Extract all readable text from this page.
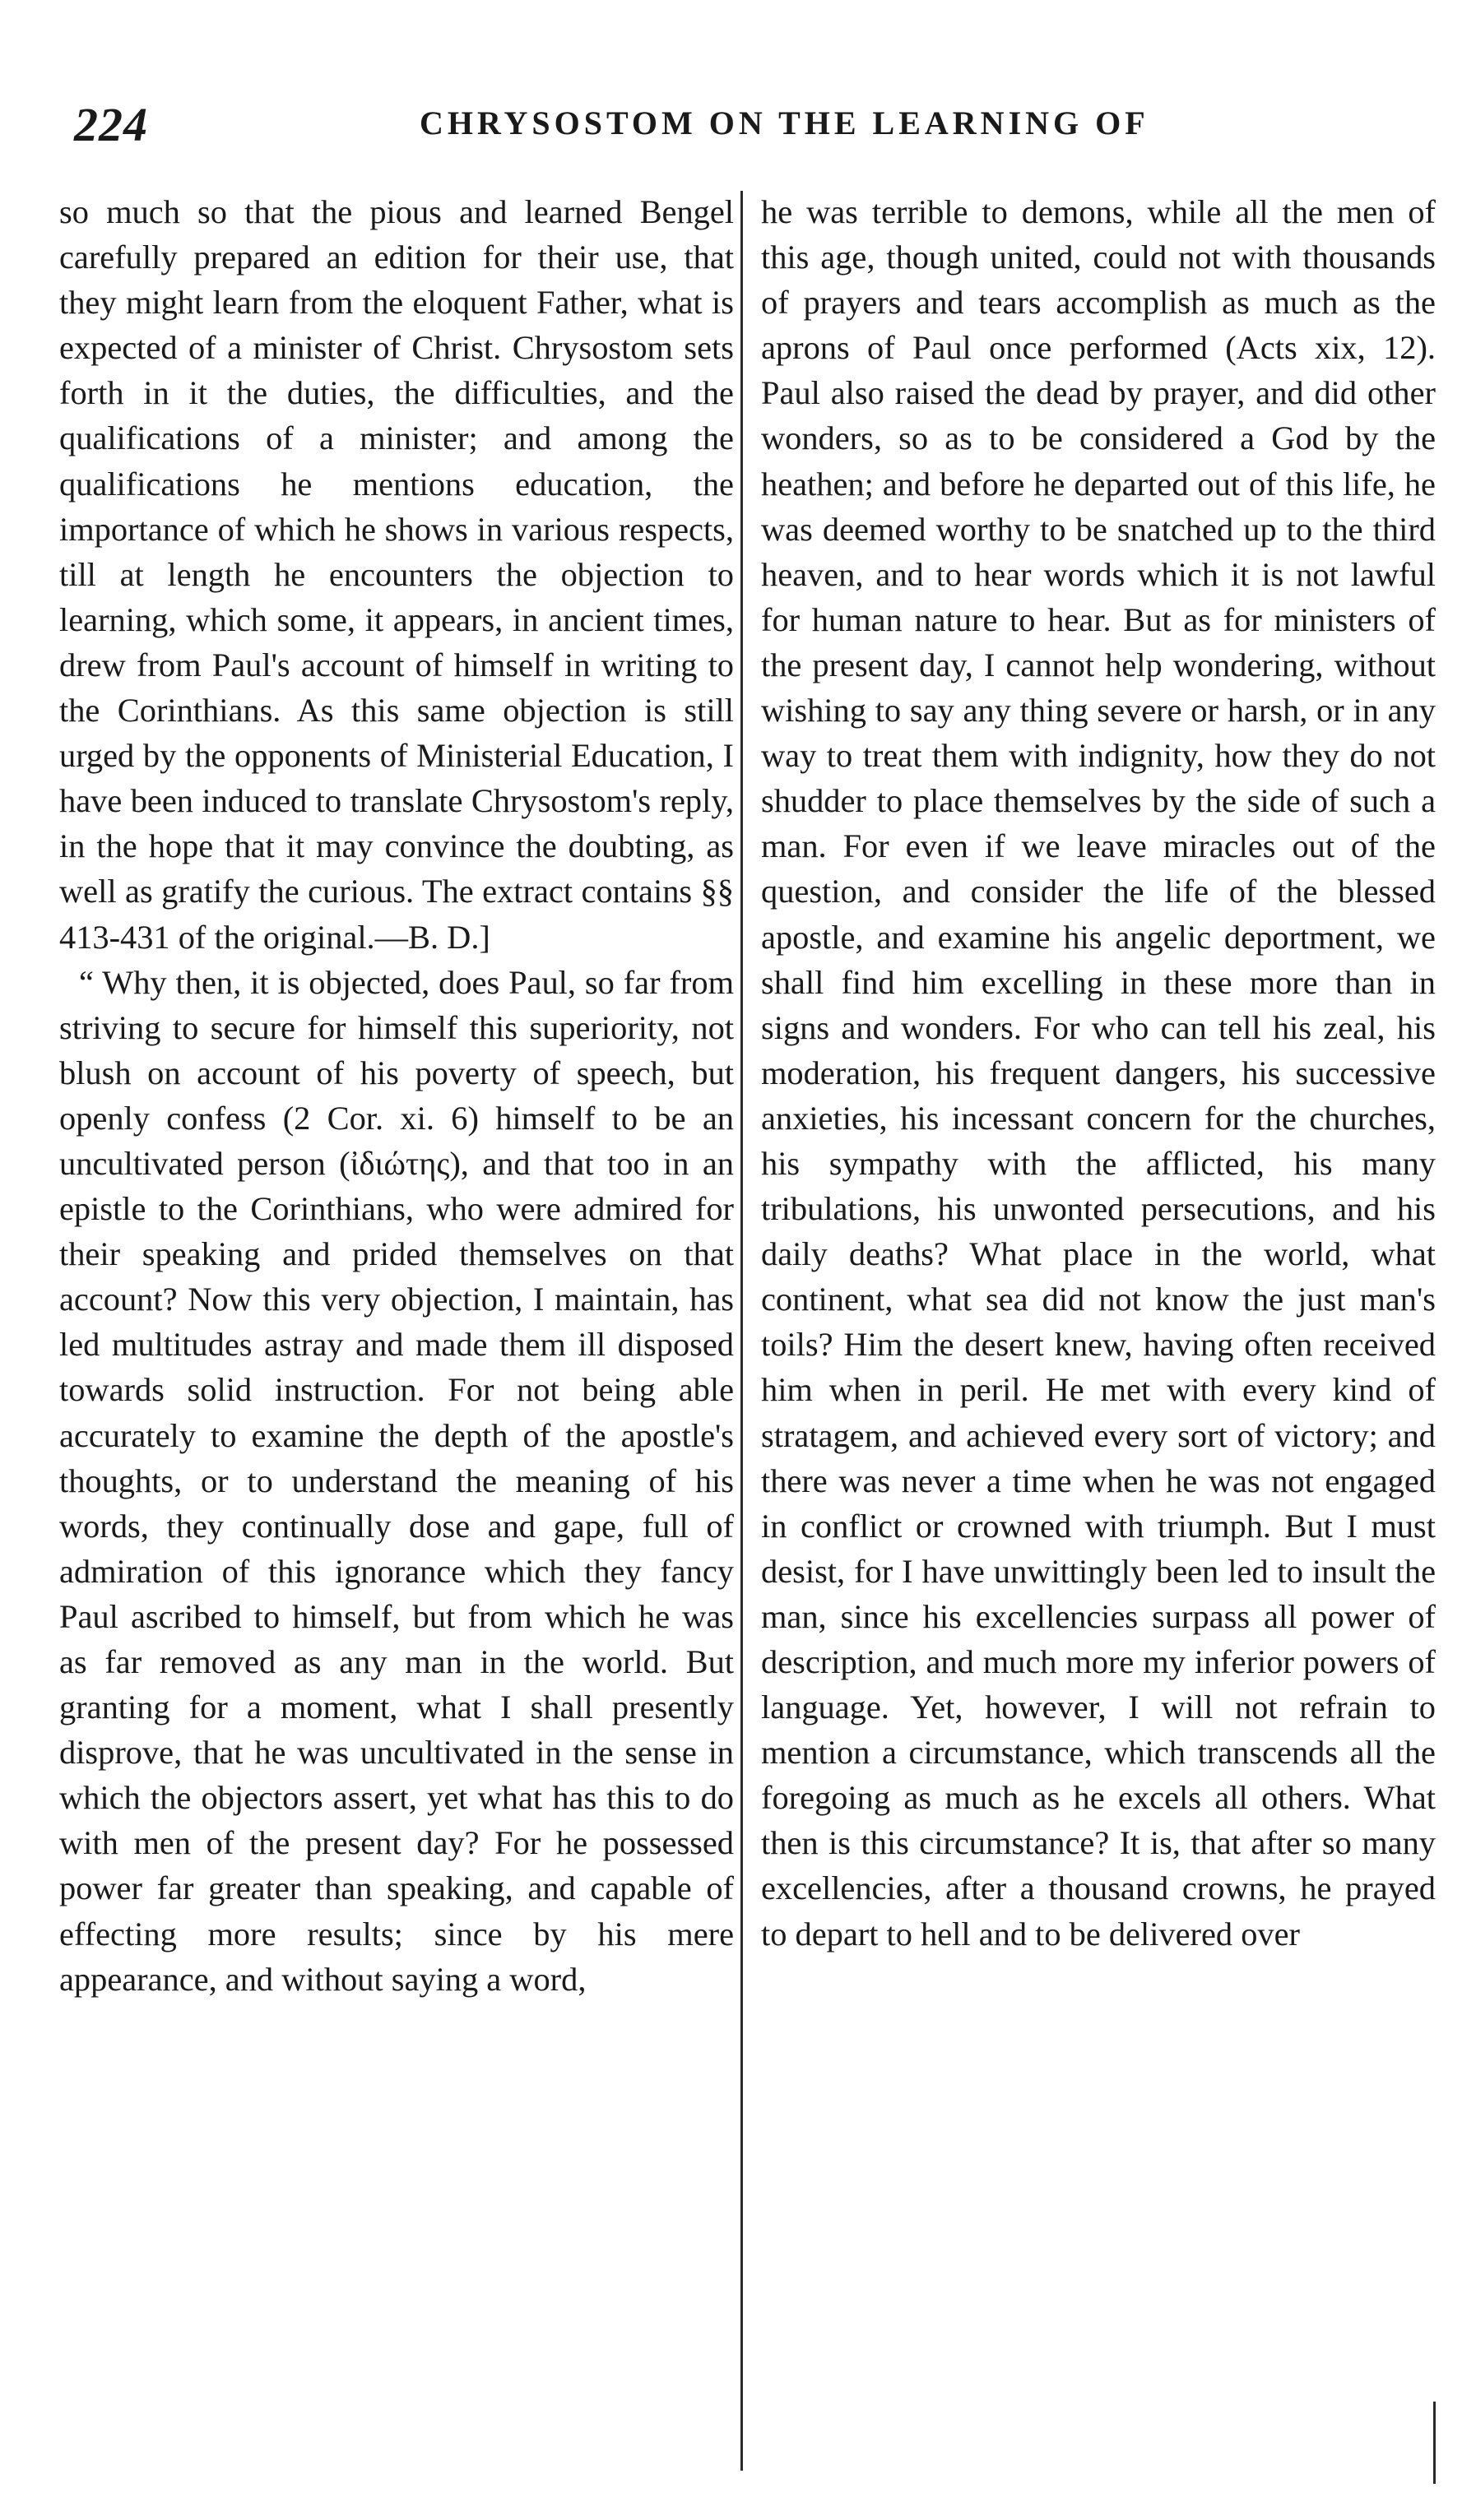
224	CHRYSOSTOM ON THE LEARNING OF

so much so that the pious and learned Bengel carefully prepared an edition for their use, that they might learn from the eloquent Father, what is expected of a minister of Christ. Chrysostom sets forth in it the duties, the difficulties, and the qualifications of a minister; and among the qualifications he mentions education, the importance of which he shows in various respects, till at length he encounters the objection to learning, which some, it appears, in ancient times, drew from Paul's account of himself in writing to the Corinthians. As this same objection is still urged by the opponents of Ministerial Education, I have been induced to translate Chrysostom's reply, in the hope that it may convince the doubting, as well as gratify the curious. The extract contains §§ 413-431 of the original.—B. D.]

“ Why then, it is objected, does Paul, so far from striving to secure for himself this superiority, not blush on account of his poverty of speech, but openly confess (2 Cor. xi. 6) himself to be an uncultivated person (ἰδιώτης), and that too in an epistle to the Corinthians, who were admired for their speaking and prided themselves on that account? Now this very objection, I maintain, has led multitudes astray and made them ill disposed towards solid instruction. For not being able accurately to examine the depth of the apostle's thoughts, or to understand the meaning of his words, they continually dose and gape, full of admiration of this ignorance which they fancy Paul ascribed to himself, but from which he was as far removed as any man in the world. But granting for a moment, what I shall presently disprove, that he was uncultivated in the sense in which the objectors assert, yet what has this to do with men of the present day? For he possessed power far greater than speaking, and capable of effecting more results; since by his mere appearance, and without saying a word,

he was terrible to demons, while all the men of this age, though united, could not with thousands of prayers and tears accomplish as much as the aprons of Paul once performed (Acts xix, 12). Paul also raised the dead by prayer, and did other wonders, so as to be considered a God by the heathen; and before he departed out of this life, he was deemed worthy to be snatched up to the third heaven, and to hear words which it is not lawful for human nature to hear. But as for ministers of the present day, I cannot help wondering, without wishing to say any thing severe or harsh, or in any way to treat them with indignity, how they do not shudder to place themselves by the side of such a man. For even if we leave miracles out of the question, and consider the life of the blessed apostle, and examine his angelic deportment, we shall find him excelling in these more than in signs and wonders. For who can tell his zeal, his moderation, his frequent dangers, his successive anxieties, his incessant concern for the churches, his sympathy with the afflicted, his many tribulations, his unwonted persecutions, and his daily deaths? What place in the world, what continent, what sea did not know the just man's toils? Him the desert knew, having often received him when in peril. He met with every kind of stratagem, and achieved every sort of victory; and there was never a time when he was not engaged in conflict or crowned with triumph. But I must desist, for I have unwittingly been led to insult the man, since his excellencies surpass all power of description, and much more my inferior powers of language. Yet, however, I will not refrain to mention a circumstance, which transcends all the foregoing as much as he excels all others. What then is this circumstance? It is, that after so many excellencies, after a thousand crowns, he prayed to depart to hell and to be delivered over
